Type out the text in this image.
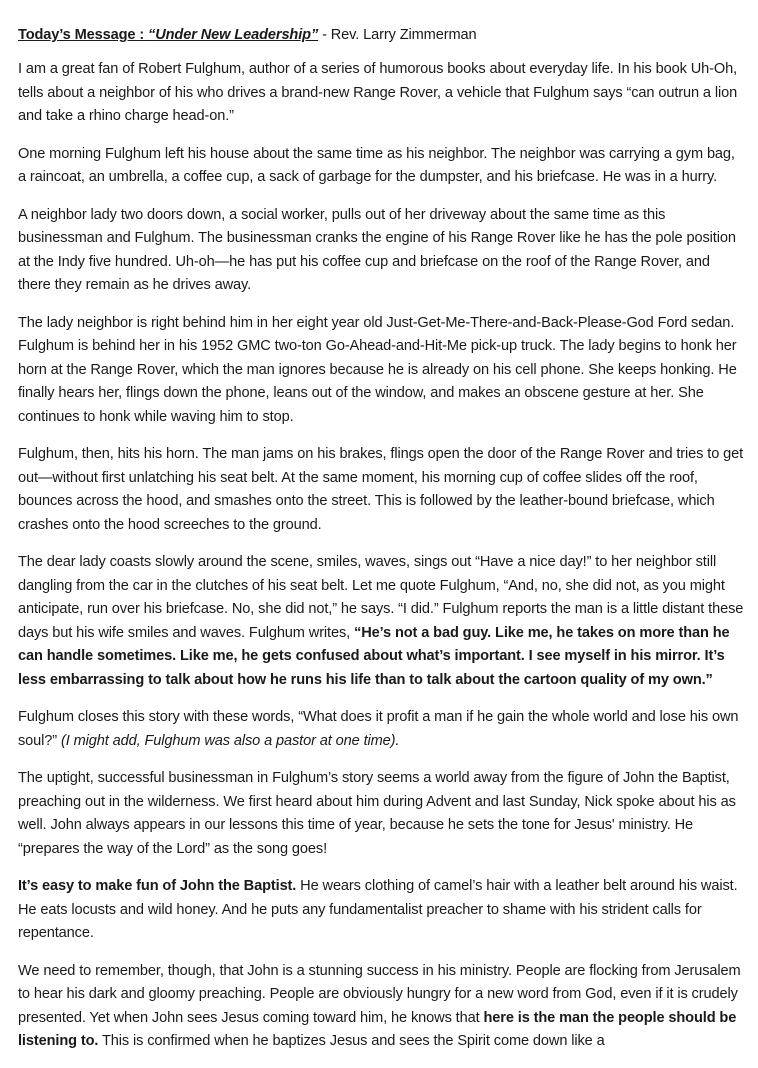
Today’s Message : “Under New Leadership” - Rev. Larry Zimmerman

I am a great fan of Robert Fulghum, author of a series of humorous books about everyday life. In his book Uh-Oh, tells about a neighbor of his who drives a brand-new Range Rover, a vehicle that Fulghum says “can outrun a lion and take a rhino charge head-on.”

One morning Fulghum left his house about the same time as his neighbor. The neighbor was carrying a gym bag, a raincoat, an umbrella, a coffee cup, a sack of garbage for the dumpster, and his briefcase. He was in a hurry.

A neighbor lady two doors down, a social worker, pulls out of her driveway about the same time as this businessman and Fulghum. The businessman cranks the engine of his Range Rover like he has the pole position at the Indy five hundred. Uh-oh—he has put his coffee cup and briefcase on the roof of the Range Rover, and there they remain as he drives away.

The lady neighbor is right behind him in her eight year old Just-Get-Me-There-and-Back-Please-God Ford sedan. Fulghum is behind her in his 1952 GMC two-ton Go-Ahead-and-Hit-Me pick-up truck. The lady begins to honk her horn at the Range Rover, which the man ignores because he is already on his cell phone. She keeps honking. He finally hears her, flings down the phone, leans out of the window, and makes an obscene gesture at her. She continues to honk while waving him to stop.

Fulghum, then, hits his horn. The man jams on his brakes, flings open the door of the Range Rover and tries to get out—without first unlatching his seat belt. At the same moment, his morning cup of coffee slides off the roof, bounces across the hood, and smashes onto the street. This is followed by the leather-bound briefcase, which crashes onto the hood screeches to the ground.

The dear lady coasts slowly around the scene, smiles, waves, sings out “Have a nice day!” to her neighbor still dangling from the car in the clutches of his seat belt. Let me quote Fulghum, “And, no, she did not, as you might anticipate, run over his briefcase. No, she did not,” he says. “I did.” Fulghum reports the man is a little distant these days but his wife smiles and waves. Fulghum writes, “He’s not a bad guy. Like me, he takes on more than he can handle sometimes. Like me, he gets confused about what’s important. I see myself in his mirror. It’s less embarrassing to talk about how he runs his life than to talk about the cartoon quality of my own.”

Fulghum closes this story with these words, “What does it profit a man if he gain the whole world and lose his own soul?” (I might add, Fulghum was also a pastor at one time).

The uptight, successful businessman in Fulghum’s story seems a world away from the figure of John the Baptist, preaching out in the wilderness. We first heard about him during Advent and last Sunday, Nick spoke about his as well. John always appears in our lessons this time of year, because he sets the tone for Jesus' ministry. He “prepares the way of the Lord” as the song goes!

It’s easy to make fun of John the Baptist. He wears clothing of camel’s hair with a leather belt around his waist. He eats locusts and wild honey. And he puts any fundamentalist preacher to shame with his strident calls for repentance.

We need to remember, though, that John is a stunning success in his ministry. People are flocking from Jerusalem to hear his dark and gloomy preaching. People are obviously hungry for a new word from God, even if it is crudely presented. Yet when John sees Jesus coming toward him, he knows that here is the man the people should be listening to. This is confirmed when he baptizes Jesus and sees the Spirit come down like a
